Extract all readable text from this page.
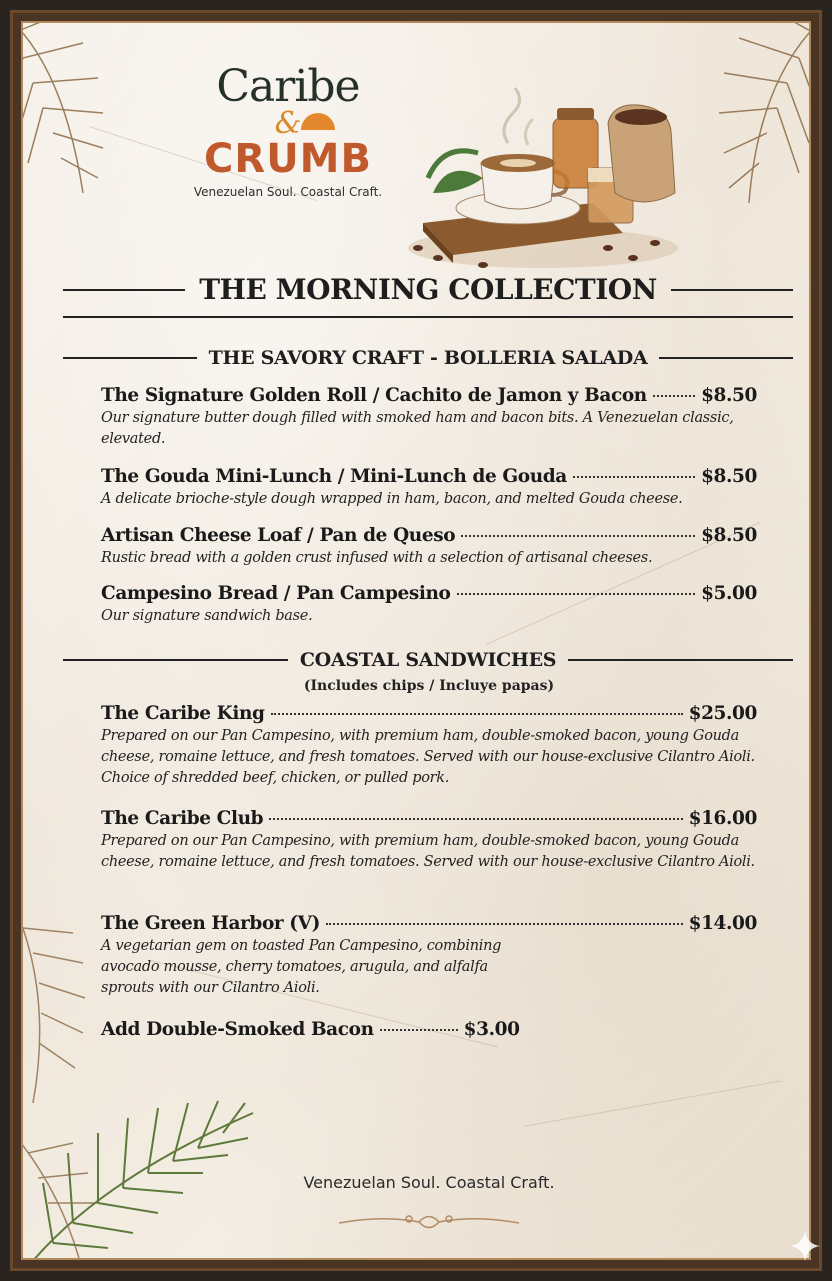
Caribe
&
CRUMB
Venezuelan Soul. Coastal Craft.
THE MORNING COLLECTION
THE SAVORY CRAFT - BOLLERIA SALADA
The Signature Golden Roll / Cachito de Jamon y Bacon	$8.50
Our signature butter dough filled with smoked ham and bacon bits. A Venezuelan classic, elevated.
The Gouda Mini-Lunch / Mini-Lunch de Gouda	$8.50
A delicate brioche-style dough wrapped in ham, bacon, and melted Gouda cheese.
Artisan Cheese Loaf / Pan de Queso	$8.50
Rustic bread with a golden crust infused with a selection of artisanal cheeses.
Campesino Bread / Pan Campesino	$5.00
Our signature sandwich base.
COASTAL SANDWICHES
(Includes chips / Incluye papas)
The Caribe King	$25.00
Prepared on our Pan Campesino, with premium ham, double-smoked bacon, young Gouda cheese, romaine lettuce, and fresh tomatoes. Served with our house-exclusive Cilantro Aioli. Choice of shredded beef, chicken, or pulled pork.
The Caribe Club	$16.00
Prepared on our Pan Campesino, with premium ham, double-smoked bacon, young Gouda cheese, romaine lettuce, and fresh tomatoes. Served with our house-exclusive Cilantro Aioli.
The Green Harbor (V)	$14.00
A vegetarian gem on toasted Pan Campesino, combining avocado mousse, cherry tomatoes, arugula, and alfalfa sprouts with our Cilantro Aioli.
Add Double-Smoked Bacon	$3.00
Venezuelan Soul. Coastal Craft.
